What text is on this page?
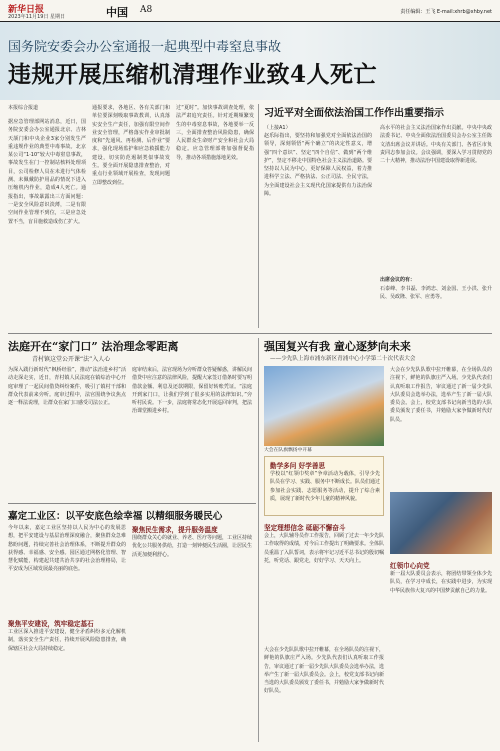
新华日报
2023年11月19日 星期日	中国 A8	责任编辑：王飞 E-mail:xhrb@xhby.net
国务院安委会办公室通报一起典型中毒窒息事故
违规开展压缩机清理作业致4人死亡
本报综合报道
据应急管理部网站消息，近日，国务院安委会办公室通报北京、吉林天颉门和中央企业3家分别发生严重违规作业的典型中毒事故。北京某公司“1·10”较大中毒窒息事故，事故发生在门一控制站核料处理项目，公司检修人员在未进行气体检测、未佩戴防护用品的情况下进入压缩机内作业，造成4人死亡。通报指出，事故暴露出三方面问题：一是安全风险意识淡薄，二是有限空间作业管理不到位，三是应急处置不当，盲目施救造成伤亡扩大。
通报要求，各地区、各有关部门和单位要深刻吸取事故教训，认真落实安全生产责任，加强有限空间作业安全管理，严格落实作业审批制度和“先通风、再检测、后作业”要求，强化现场监护和应急救援能力建设，切实防范遏制类似事故发生。要全面开展隐患排查整治，对重点行业领域开展检查，发现问题立即整改到位。
过“夏时”。加快事故调查处理，依法严肃追究责任。针对近期频繁发生的中毒窒息事故，各地要举一反三，全面排查整治风险隐患，确保人民群众生命财产安全和社会大局稳定。应急管理部将加强督促指导，推动各项措施落地见效。
习近平对全面依法治国工作作出重要指示
（上接A1）
赵乐际指出，要坚持和加强党对全面依法治国的领导，深刻领悟“两个确立”的决定性意义，增强“四个意识”、坚定“四个自信”、做到“两个维护”，坚定不移走中国特色社会主义法治道路。要坚持以人民为中心，更好保障人民权益，着力推进科学立法、严格执法、公正司法、全民守法，为全面建设社会主义现代化国家提供有力法治保障。
高水平的社会主义法治国家作出贡献。中央中央政法委书记、中央全面依法治国委员会办公室主任陈文清出席会议并讲话。中央有关部门、各省区市负责同志参加会议。会议强调，要深入学习贯彻党的二十大精神，推动法治中国建设取得新进展。
出席会议的有：
石泰峰、李书磊、李鸿忠、刘金国、王小洪、张升民、吴政隆、张军、应勇等。
法庭开在“家门口” 法治理念零距离
青村镇这堂公开课“法”入人心
为深入践行新时代“枫桥经验”，推动“法治进乡村”活动走深走实，近日，青村镇人民法庭在镇综治中心开庭审理了一起民间借贷纠纷案件，吸引了镇村干部和群众代表前来旁听。庭审过程中，法官围绕争议焦点逐一释法说理，让群众在家门口感受司法公正。
庭审结束后，法官现场为旁听群众答疑解惑，讲解民间借贷中应注意的法律风险，提醒大家签订借条时要写明借款金额、利息及还款期限，保留好转账凭证。“法庭开到家门口，让我们学到了很多实用的法律知识。”旁听村民说。下一步，法庭将常态化开展巡回审判，把法治课堂搬进乡村。
强国复兴有我 童心逐梦向未来
——少先队上海市浦东新区青浦中心小学第二十次代表大会
大会在队旗飘扬中开幕
大会在少先队队歌中拉开帷幕，在全场队员的注视下，鲜艳的队旗庄严入场。少先队代表们认真听取工作报告，审议通过了新一届少先队大队委员会选举办法，选举产生了新一届大队委员会。会上，校党支部书记向新当选的大队委员颁发了委任书，并勉励大家争做新时代好队员。
勤学多问 好学善思
学校以“红领巾奖章”争章活动为载体，引导少先队员在学习、实践、服务中不断成长。队员们通过参加社会实践、志愿服务等活动，提升了综合素质，展现了新时代少年儿童的精神风貌。
坚定理想信念 砥砺不懈奋斗
会上，大队辅导员作工作报告，回顾了过去一年少先队工作取得的成绩，对今后工作提出了明确要求。全体队员重温了入队誓词，表示将牢记习近平总书记的殷切嘱托，听党话、跟党走，好好学习、天天向上。
红领巾心向党
新一届大队委员会表示，将团结带领全体少先队员，在学习中成长，在实践中进步，为实现中华民族伟大复兴的中国梦贡献自己的力量。
大会在少先队队歌中拉开帷幕，在全场队员的注视下，鲜艳的队旗庄严入场。少先队代表们认真听取工作报告，审议通过了新一届少先队大队委员会选举办法，选举产生了新一届大队委员会。会上，校党支部书记向新当选的大队委员颁发了委任书，并勉励大家争做新时代好队员。
嘉定工业区：以平安底色绘幸福 以精细服务暖民心
今年以来，嘉定工业区坚持以人民为中心的发展思想，把平安建设与基层治理深度融合，聚焦群众急难愁盼问题，持续完善社会治理体系，不断提升群众的获得感、幸福感、安全感。园区通过网格化管理、智慧化赋能，构建起共建共治共享的社会治理格局，让平安成为区域发展最亮丽的底色。
聚焦平安建设，筑牢稳定基石
工业区深入推进平安建设，健全矛盾纠纷多元化解机制，落实安全生产责任，持续开展风险隐患排查，确保辖区社会大局持续稳定。
聚焦民生需求，提升服务温度
围绕群众关心的就业、养老、医疗等问题，工业区持续优化公共服务供给，打造一刻钟便民生活圈，让居民生活更加便利舒心。
